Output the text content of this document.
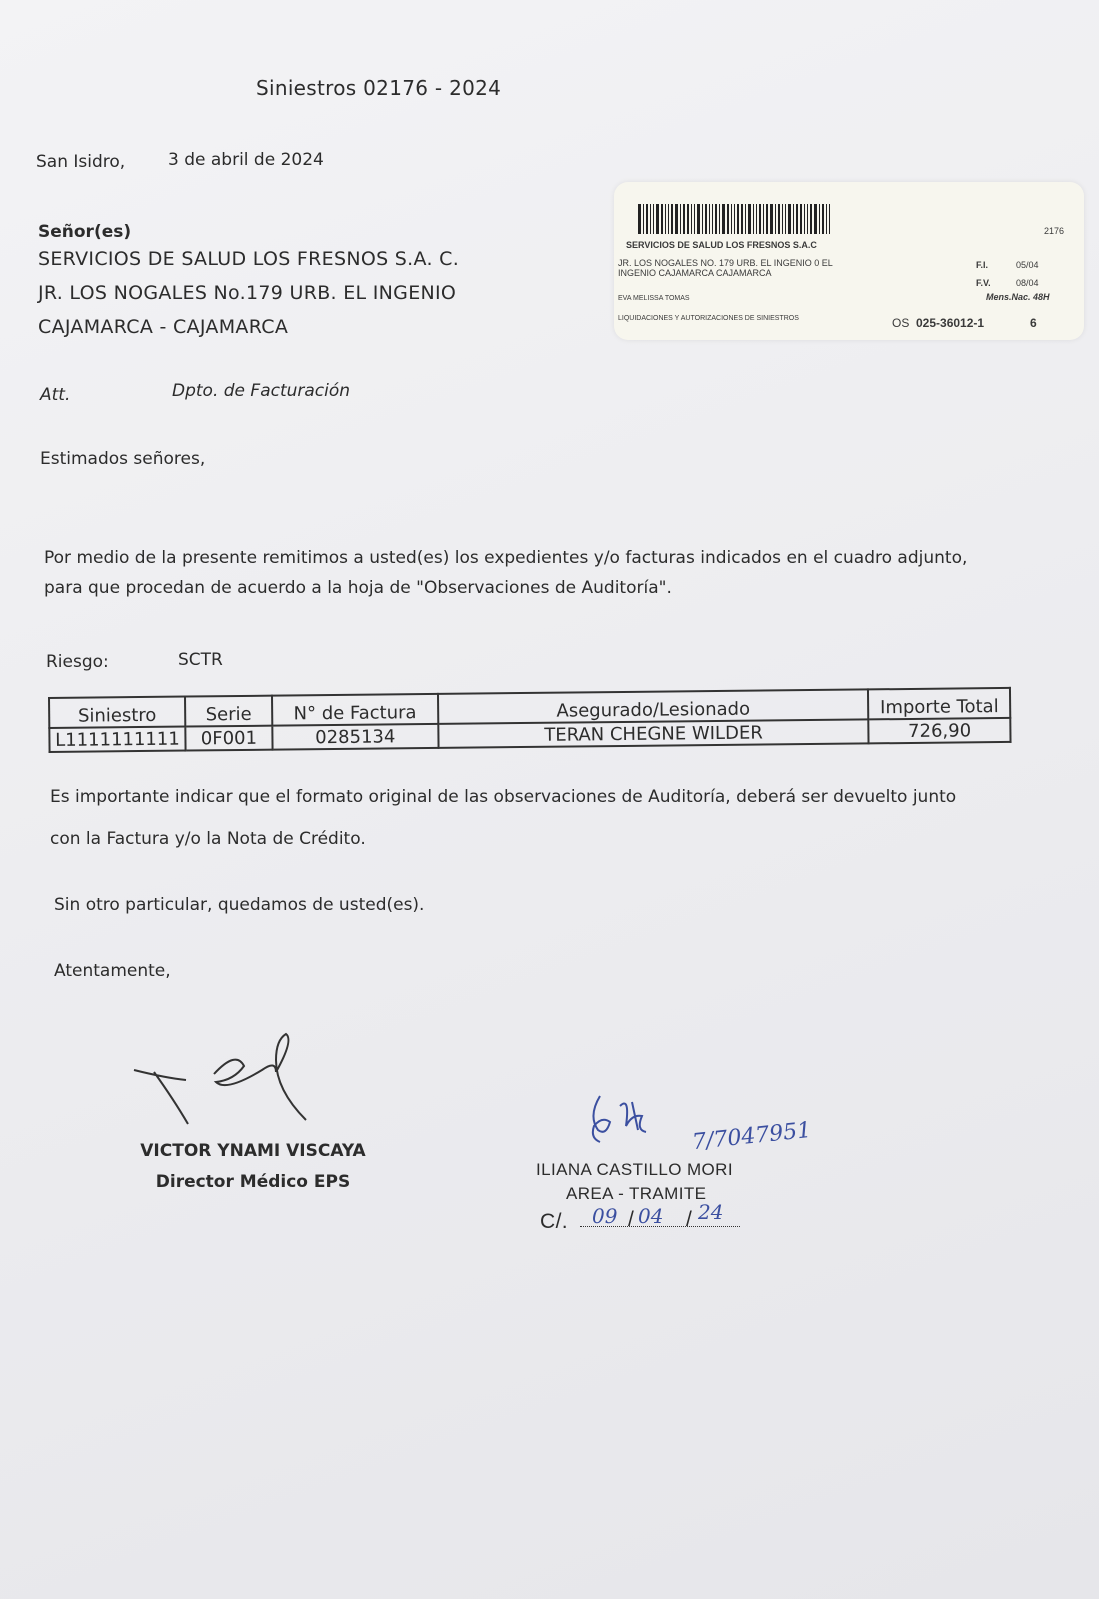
Siniestros 02176 - 2024
San Isidro,	3 de abril de 2024
Señor(es)
SERVICIOS DE SALUD LOS FRESNOS S.A. C.
JR. LOS NOGALES No.179 URB. EL INGENIO
CAJAMARCA - CAJAMARCA
2176
SERVICIOS DE SALUD LOS FRESNOS S.A.C
JR. LOS NOGALES NO. 179 URB. EL INGENIO 0 EL
INGENIO CAJAMARCA CAJAMARCA
F.I.	05/04
F.V.	08/04
Mens.Nac. 48H
EVA MELISSA TOMAS
LIQUIDACIONES Y AUTORIZACIONES DE SINIESTROS	OS 025-36012-1	6
Att.	Dpto. de Facturación
Estimados señores,
Por medio de la presente remitimos a usted(es) los expedientes y/o facturas indicados en el cuadro adjunto,
para que procedan de acuerdo a la hoja de "Observaciones de Auditoría".
Riesgo:	SCTR
Siniestro	Serie	N° de Factura	Asegurado/Lesionado	Importe Total
L1111111111	0F001	0285134	TERAN CHEGNE WILDER	726,90
Es importante indicar que el formato original de las observaciones de Auditoría, deberá ser devuelto junto
con la Factura y/o la Nota de Crédito.
Sin otro particular, quedamos de usted(es).
Atentamente,
VICTOR YNAMI VISCAYA
Director Médico EPS
7/7047951
ILIANA CASTILLO MORI
AREA - TRAMITE
C/. 09 / 04 / 24
